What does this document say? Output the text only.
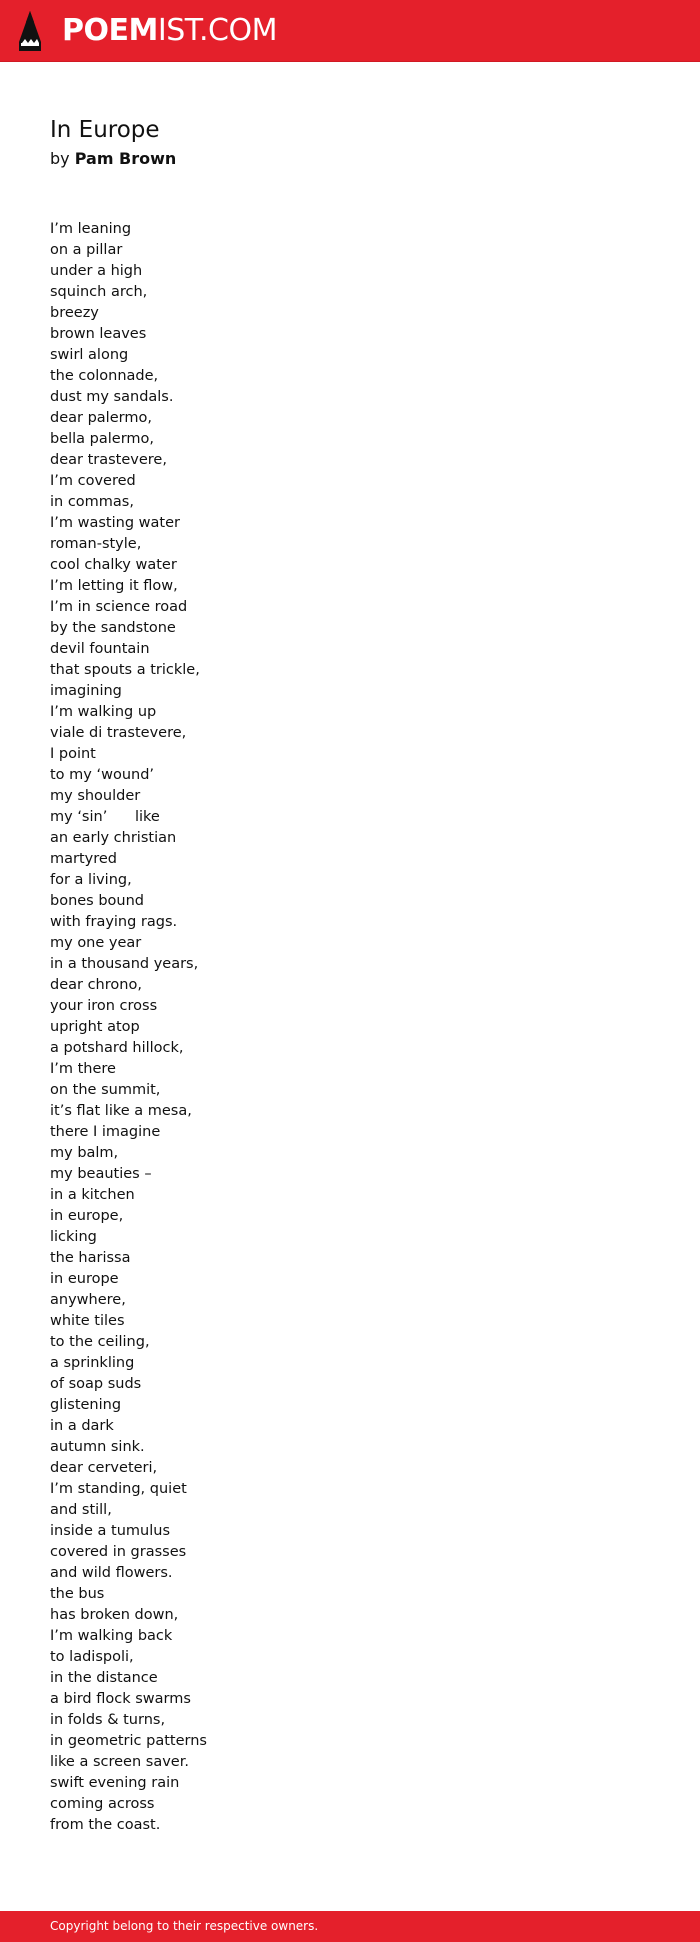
POEMIST.COM
In Europe

by Pam Brown

I’m leaning
on a pillar
under a high
squinch arch,
breezy
brown leaves
swirl along
the colonnade,
dust my sandals.
dear palermo,
bella palermo,
dear trastevere,
I’m covered
in commas,
I’m wasting water
roman-style,
cool chalky water
I’m letting it flow,
I’m in science road
by the sandstone
devil fountain
that spouts a trickle,
imagining
I’m walking up
viale di trastevere,
I point
to my ‘wound’
my shoulder
my ‘sin’      like
an early christian
martyred
for a living,
bones bound
with fraying rags.
my one year
in a thousand years,
dear chrono,
your iron cross
upright atop
a potshard hillock,
I’m there
on the summit,
it’s flat like a mesa,
there I imagine
my balm,
my beauties –
in a kitchen
in europe,
licking
the harissa
in europe
anywhere,
white tiles
to the ceiling,
a sprinkling
of soap suds
glistening
in a dark
autumn sink.
dear cerveteri,
I’m standing, quiet
and still,
inside a tumulus
covered in grasses
and wild flowers.
the bus
has broken down,
I’m walking back
to ladispoli,
in the distance
a bird flock swarms
in folds & turns,
in geometric patterns
like a screen saver.
swift evening rain
coming across
from the coast.
Copyright belong to their respective owners.
